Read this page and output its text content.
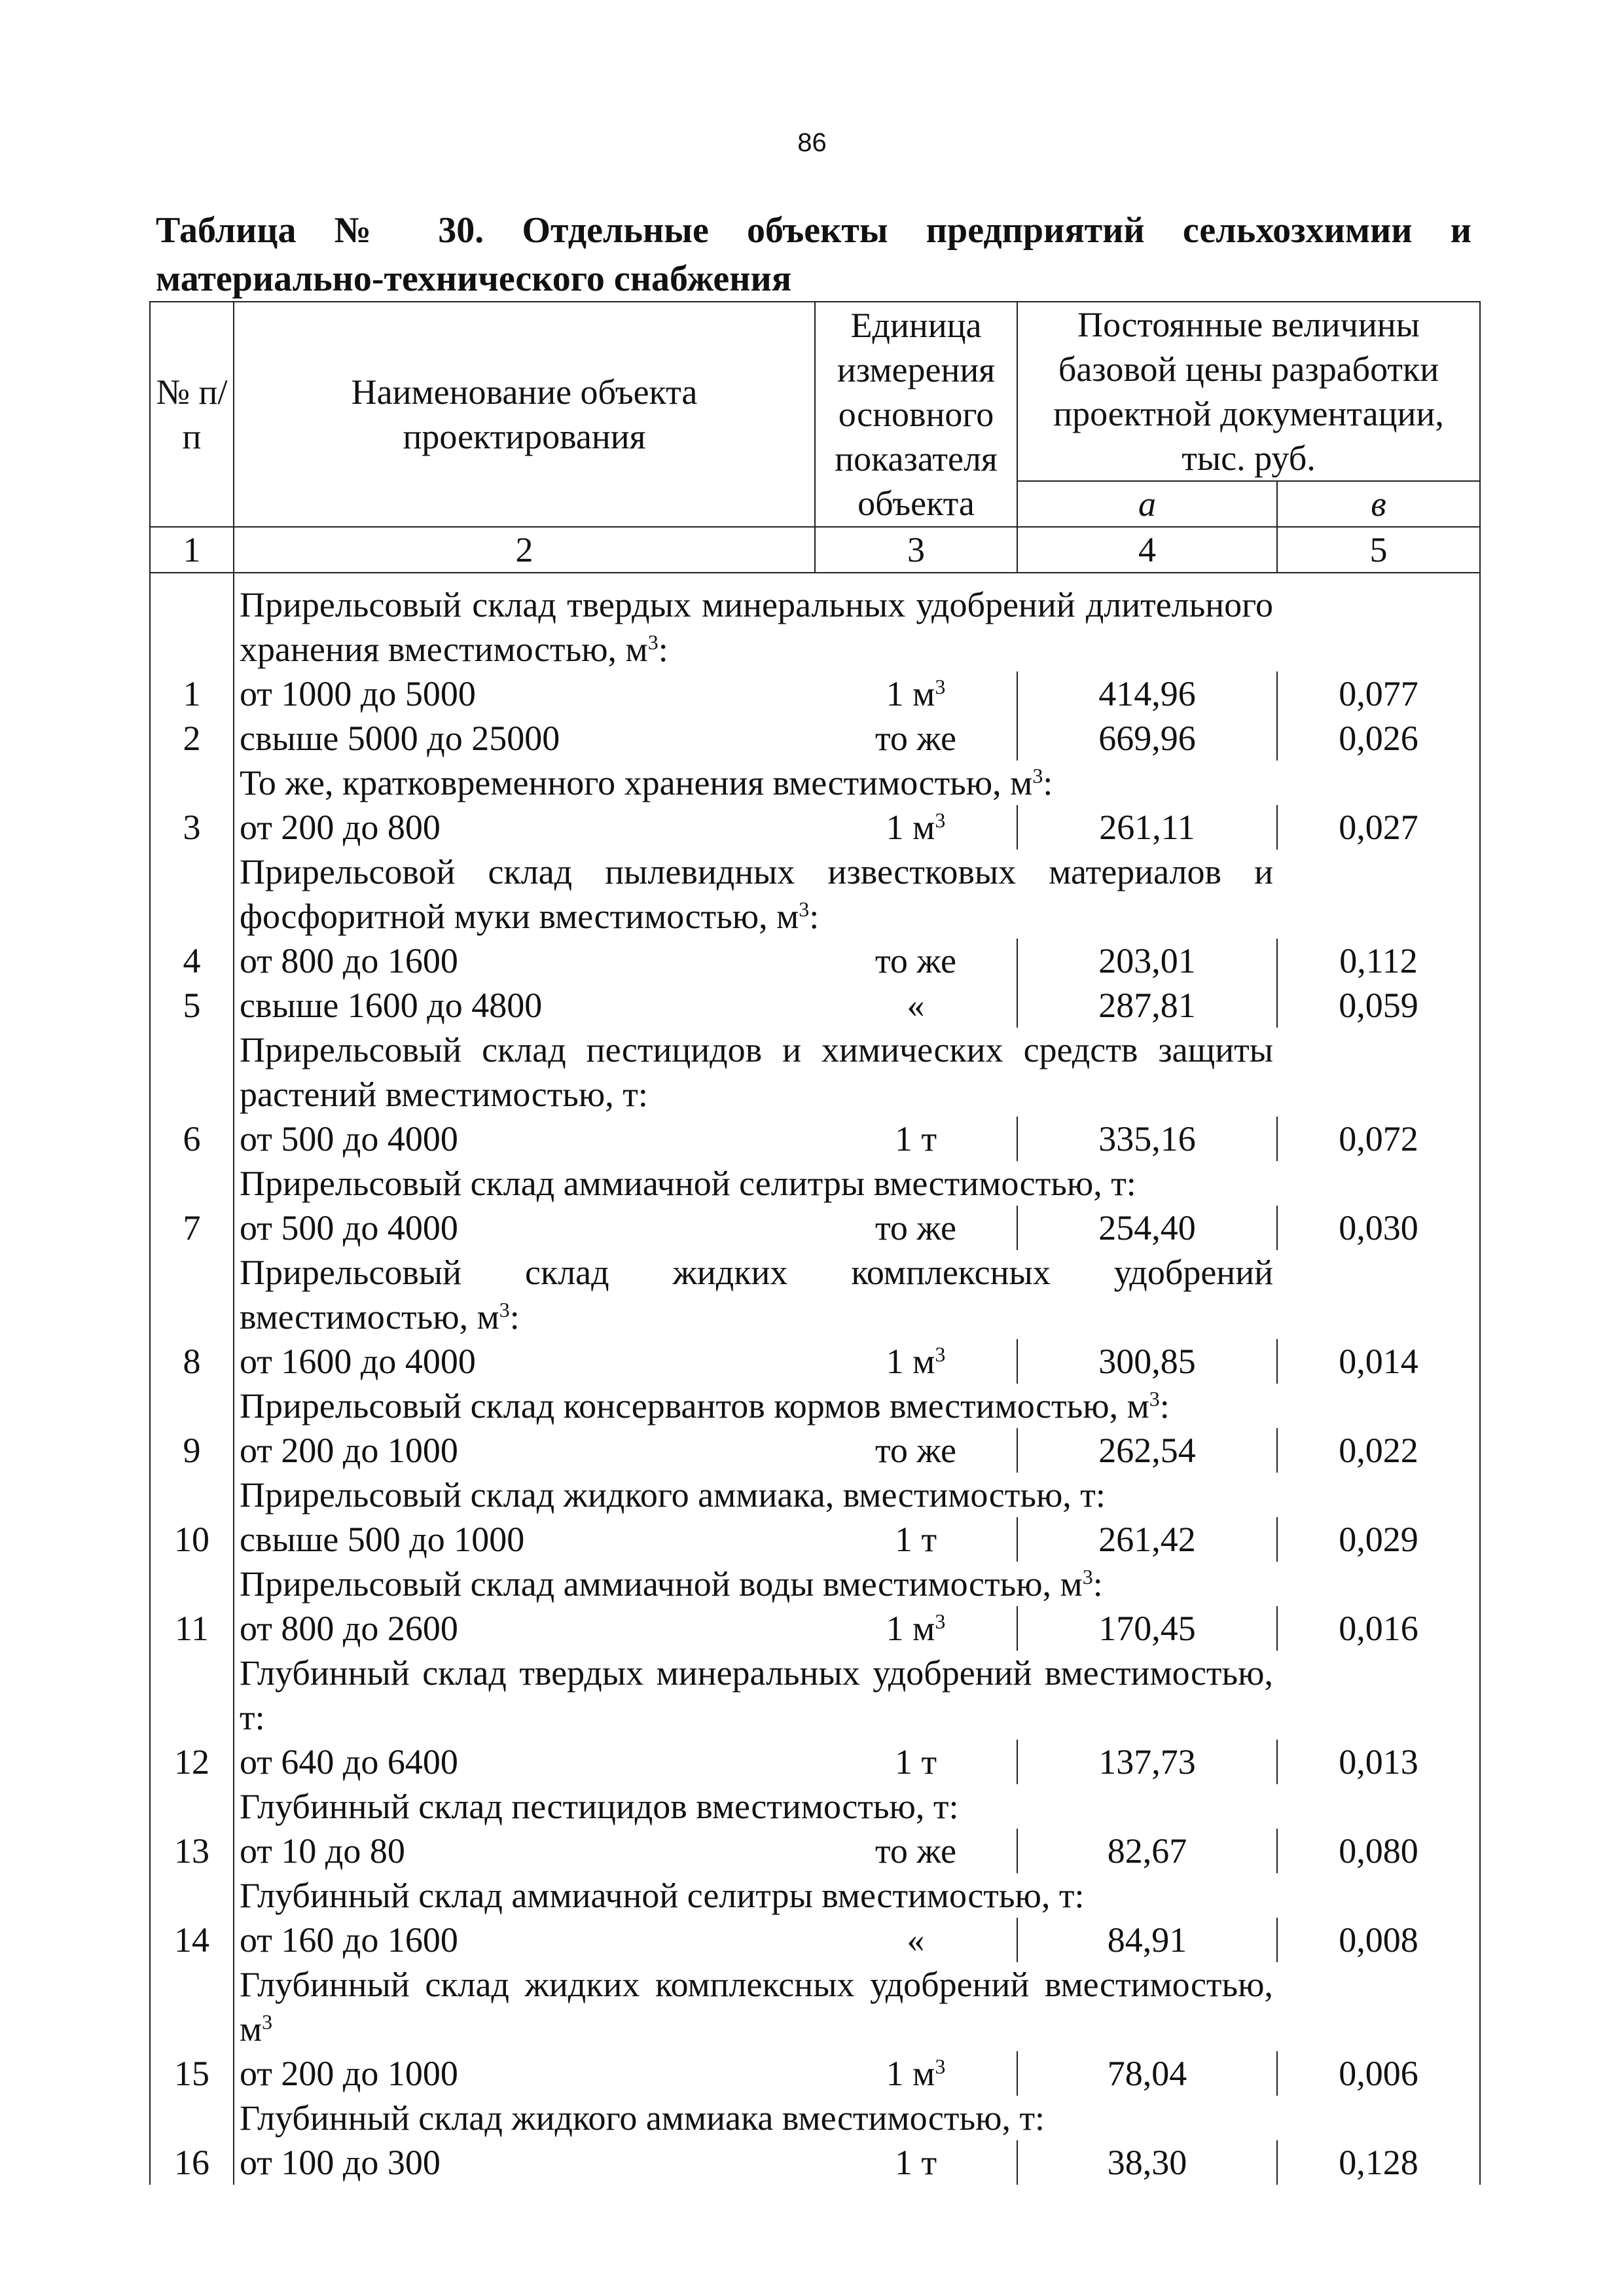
86
Таблица № 30. Отдельные объекты предприятий сельхозхимии и материально-технического снабжения
№ п/п	Наименование объекта проектирования	Единица измерения основного показателя объекта	Постоянные величины базовой цены разработки проектной документации, тыс. руб.	
			а	в
1	2	3	4	5

	Прирельсовый склад твердых минеральных удобрений длительного хранения вместимостью, $м^3$:			
1	от 1000 до 5000	1 $м^3$	414,96	0,077
2	свыше 5000 до 25000	то же	669,96	0,026
	То же, кратковременного хранения вместимостью, $м^3$:			
3	от 200 до 800	1 $м^3$	261,11	0,027
	Прирельсовой склад пылевидных известковых материалов и фосфоритной муки вместимостью, $м^3$:			
4	от 800 до 1600	то же	203,01	0,112
5	свыше 1600 до 4800	«	287,81	0,059
	Прирельсовый склад пестицидов и химических средств защиты растений вместимостью, т:			
6	от 500 до 4000	1 т	335,16	0,072
	Прирельсовый склад аммиачной селитры вместимостью, т:			
7	от 500 до 4000	то же	254,40	0,030
	Прирельсовый склад жидких комплексных удобрений вместимостью, $м^3$:			
8	от 1600 до 4000	1 $м^3$	300,85	0,014
	Прирельсовый склад консервантов кормов вместимостью, $м^3$:			
9	от 200 до 1000	то же	262,54	0,022
	Прирельсовый склад жидкого аммиака, вместимостью, т:			
10	свыше 500 до 1000	1 т	261,42	0,029
	Прирельсовый склад аммиачной воды вместимостью, $м^3$:			
11	от 800 до 2600	1 $м^3$	170,45	0,016
	Глубинный склад твердых минеральных удобрений вместимостью, т:			
12	от 640 до 6400	1 т	137,73	0,013
	Глубинный склад пестицидов вместимостью, т:			
13	от 10 до 80	то же	82,67	0,080
	Глубинный склад аммиачной селитры вместимостью, т:			
14	от 160 до 1600	«	84,91	0,008
	Глубинный склад жидких комплексных удобрений вместимостью, $м^3$	
15	от 200 до 1000	1 $м^3$	78,04	0,006
	Глубинный склад жидкого аммиака вместимостью, т:			
16	от 100 до 300	1 т	38,30	0,128
